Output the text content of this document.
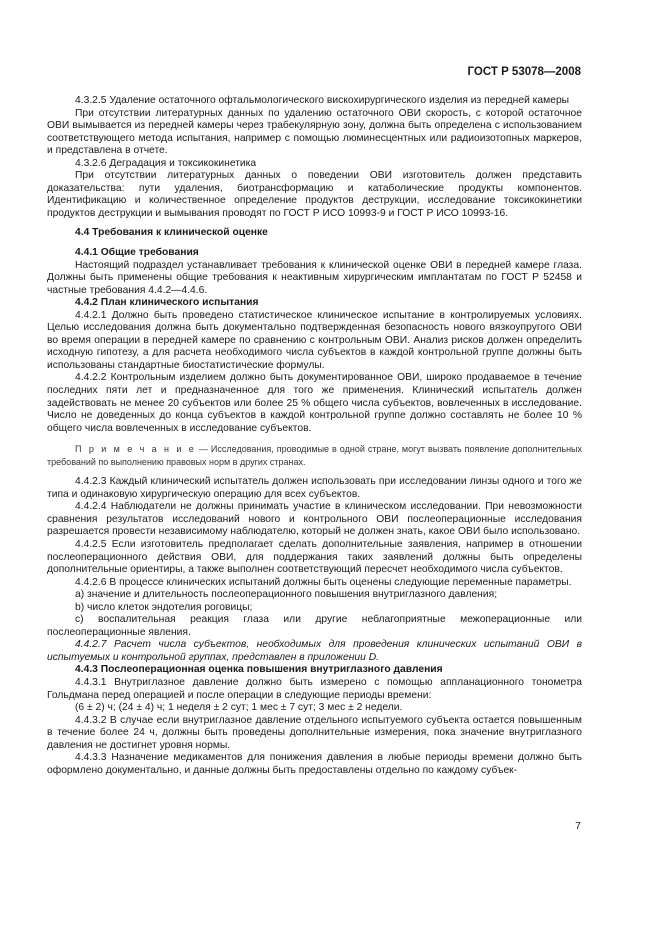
ГОСТ Р 53078—2008

4.3.2.5 Удаление остаточного офтальмологического вискохирургического изделия из передней камеры

При отсутствии литературных данных по удалению остаточного ОВИ скорость, с которой остаточное ОВИ вымывается из передней камеры через трабекулярную зону, должна быть определена с использованием соответствующего метода испытания, например с помощью люминесцентных или радиоизотопных маркеров, и представлена в отчете.

4.3.2.6 Деградация и токсикокинетика

При отсутствии литературных данных о поведении ОВИ изготовитель должен представить доказательства: пути удаления, биотрансформацию и катаболические продукты компонентов. Идентификацию и количественное определение продуктов деструкции, исследование токсикокинетики продуктов деструкции и вымывания проводят по ГОСТ Р ИСО 10993-9 и ГОСТ Р ИСО 10993-16.

4.4 Требования к клинической оценке

4.4.1 Общие требования

Настоящий подраздел устанавливает требования к клинической оценке ОВИ в передней камере глаза. Должны быть применены общие требования к неактивным хирургическим имплантатам по ГОСТ Р 52458 и частные требования 4.4.2—4.4.6.

4.4.2 План клинического испытания

4.4.2.1 Должно быть проведено статистическое клиническое испытание в контролируемых условиях. Целью исследования должна быть документально подтвержденная безопасность нового вязкоупругого ОВИ во время операции в передней камере по сравнению с контрольным ОВИ. Анализ рисков должен определить исходную гипотезу, а для расчета необходимого числа субъектов в каждой контрольной группе должны быть использованы стандартные биостатистические формулы.

4.4.2.2 Контрольным изделием должно быть документированное ОВИ, широко продаваемое в течение последних пяти лет и предназначенное для того же применения. Клинический испытатель должен задействовать не менее 20 субъектов или более 25 % общего числа субъектов, вовлеченных в исследование. Число не доведенных до конца субъектов в каждой контрольной группе должно составлять не более 10 % общего числа вовлеченных в исследование субъектов.

П р и м е ч а н и е — Исследования, проводимые в одной стране, могут вызвать появление дополнительных требований по выполнению правовых норм в других странах.

4.4.2.3 Каждый клинический испытатель должен использовать при исследовании линзы одного и того же типа и одинаковую хирургическую операцию для всех субъектов.

4.4.2.4 Наблюдатели не должны принимать участие в клиническом исследовании. При невозможности сравнения результатов исследований нового и контрольного ОВИ послеоперационные исследования разрешается провести независимому наблюдателю, который не должен знать, какое ОВИ было использовано.

4.4.2.5 Если изготовитель предполагает сделать дополнительные заявления, например в отношении послеоперационного действия ОВИ, для поддержания таких заявлений должны быть определены дополнительные ориентиры, а также выполнен соответствующий пересчет необходимого числа субъектов.

4.4.2.6 В процессе клинических испытаний должны быть оценены следующие переменные параметры.

a) значение и длительность послеоперационного повышения внутриглазного давления;

b) число клеток эндотелия роговицы;

c) воспалительная реакция глаза или другие неблагоприятные межоперационные или послеоперационные явления.

4.4.2.7 Расчет числа субъектов, необходимых для проведения клинических испытаний ОВИ в испытуемых и контрольной группах, представлен в приложении D.

4.4.3 Послеоперационная оценка повышения внутриглазного давления

4.4.3.1 Внутриглазное давление должно быть измерено с помощью аппланационного тонометра Гольдмана перед операцией и после операции в следующие периоды времени:

(6 ± 2) ч; (24 ± 4) ч; 1 неделя ± 2 сут; 1 мес ± 7 сут; 3 мес ± 2 недели.

4.4.3.2 В случае если внутриглазное давление отдельного испытуемого субъекта остается повышенным в течение более 24 ч, должны быть проведены дополнительные измерения, пока значение внутриглазного давления не достигнет уровня нормы.

4.4.3.3 Назначение медикаментов для понижения давления в любые периоды времени должно быть оформлено документально, и данные должны быть предоставлены отдельно по каждому субъек-

7
